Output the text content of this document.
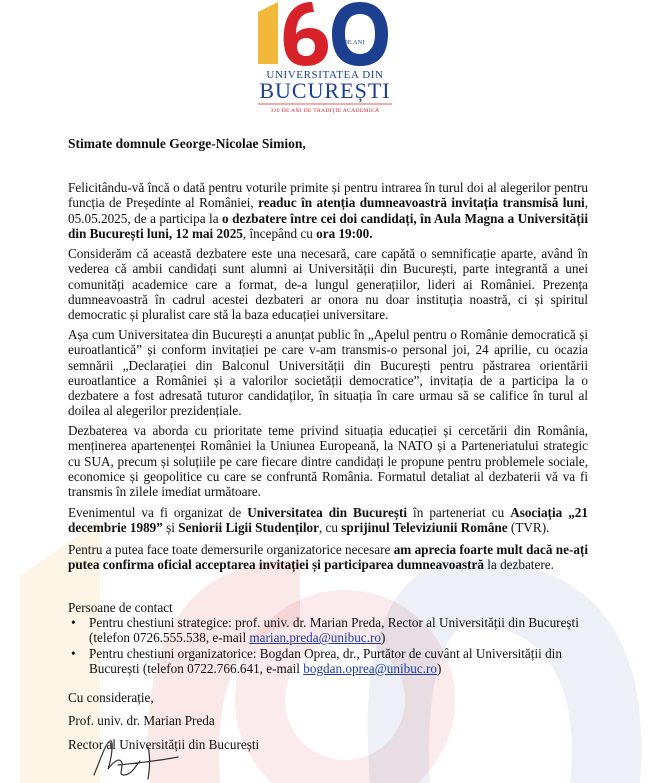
DE ANI
UNIVERSITATEA DIN
BUCUREȘTI
330 DE ANI DE TRADIȚIE ACADEMICĂ
Stimate domnule George-Nicolae Simion,
Felicitându-vă încă o dată pentru voturile primite și pentru intrarea în turul doi al alegerilor pentru funcția de Președinte al României, readuc în atenția dumneavoastră invitația transmisă luni, 05.05.2025, de a participa la o dezbatere între cei doi candidați, în Aula Magna a Universității din București luni, 12 mai 2025, începând cu ora 19:00.
Considerăm că această dezbatere este una necesară, care capătă o semnificație aparte, având în vederea că ambii candidați sunt alumni ai Universității din București, parte integrantă a unei comunități academice care a format, de-a lungul generațiilor, lideri ai României. Prezența dumneavoastră în cadrul acestei dezbateri ar onora nu doar instituția noastră, ci și spiritul democratic și pluralist care stă la baza educației universitare.
Așa cum Universitatea din București a anunțat public în „Apelul pentru o Românie democratică și euroatlantică” și conform invitației pe care v-am transmis-o personal joi, 24 aprilie, cu ocazia semnării „Declarației din Balconul Universității din București pentru păstrarea orientării euroatlantice a României și a valorilor societății democratice”, invitația de a participa la o dezbatere a fost adresată tuturor candidaților, în situația în care urmau să se califice în turul al doilea al alegerilor prezidențiale.
Dezbaterea va aborda cu prioritate teme privind situația educației și cercetării din România, menținerea apartenenței României la Uniunea Europeană, la NATO și a Parteneriatului strategic cu SUA, precum și soluțiile pe care fiecare dintre candidați le propune pentru problemele sociale, economice și geopolitice cu care se confruntă România. Formatul detaliat al dezbaterii vă va fi transmis în zilele imediat următoare.
Evenimentul va fi organizat de Universitatea din București în parteneriat cu Asociația „21 decembrie 1989” și Seniorii Ligii Studenților, cu sprijinul Televiziunii Române (TVR).
Pentru a putea face toate demersurile organizatorice necesare am aprecia foarte mult dacă ne-ați putea confirma oficial acceptarea invitației și participarea dumneavoastră la dezbatere.
Persoane de contact
• Pentru chestiuni strategice: prof. univ. dr. Marian Preda, Rector al Universității din București (telefon 0726.555.538, e-mail marian.preda@unibuc.ro)
• Pentru chestiuni organizatorice: Bogdan Oprea, dr., Purtător de cuvânt al Universității din București (telefon 0722.766.641, e-mail bogdan.oprea@unibuc.ro)
Cu considerație,
Prof. univ. dr. Marian Preda
Rector al Universității din București
